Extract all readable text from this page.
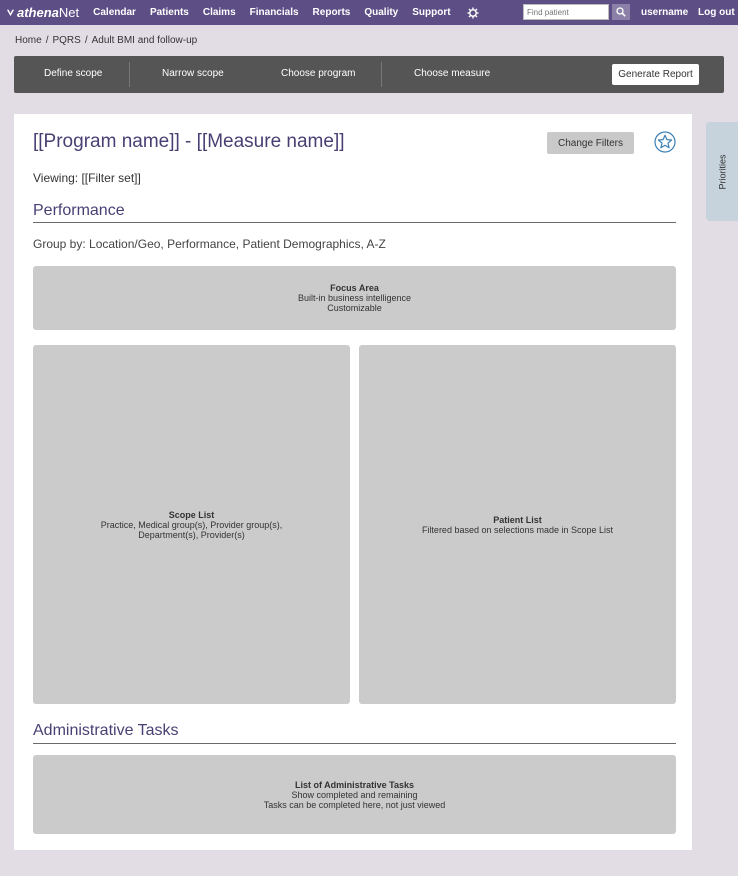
athena Net Calendar Patients Claims Financials Reports Quality Support
Find patient	username Log out
Home / PQRS / Adult BMI and follow-up
Define scope	Narrow scope	Choose program	Choose measure	Generate Report
[[Program name]] - [[Measure name]]	Change Filters
Viewing: [[Filter set]]
Performance
Group by: Location/Geo, Performance, Patient Demographics, A-Z
Focus Area
Built-in business intelligence
Customizable
Scope List
Practice, Medical group(s), Provider group(s),
Department(s), Provider(s)
Patient List
Filtered based on selections made in Scope List
Administrative Tasks
List of Administrative Tasks
Show completed and remaining
Tasks can be completed here, not just viewed
Priorities
